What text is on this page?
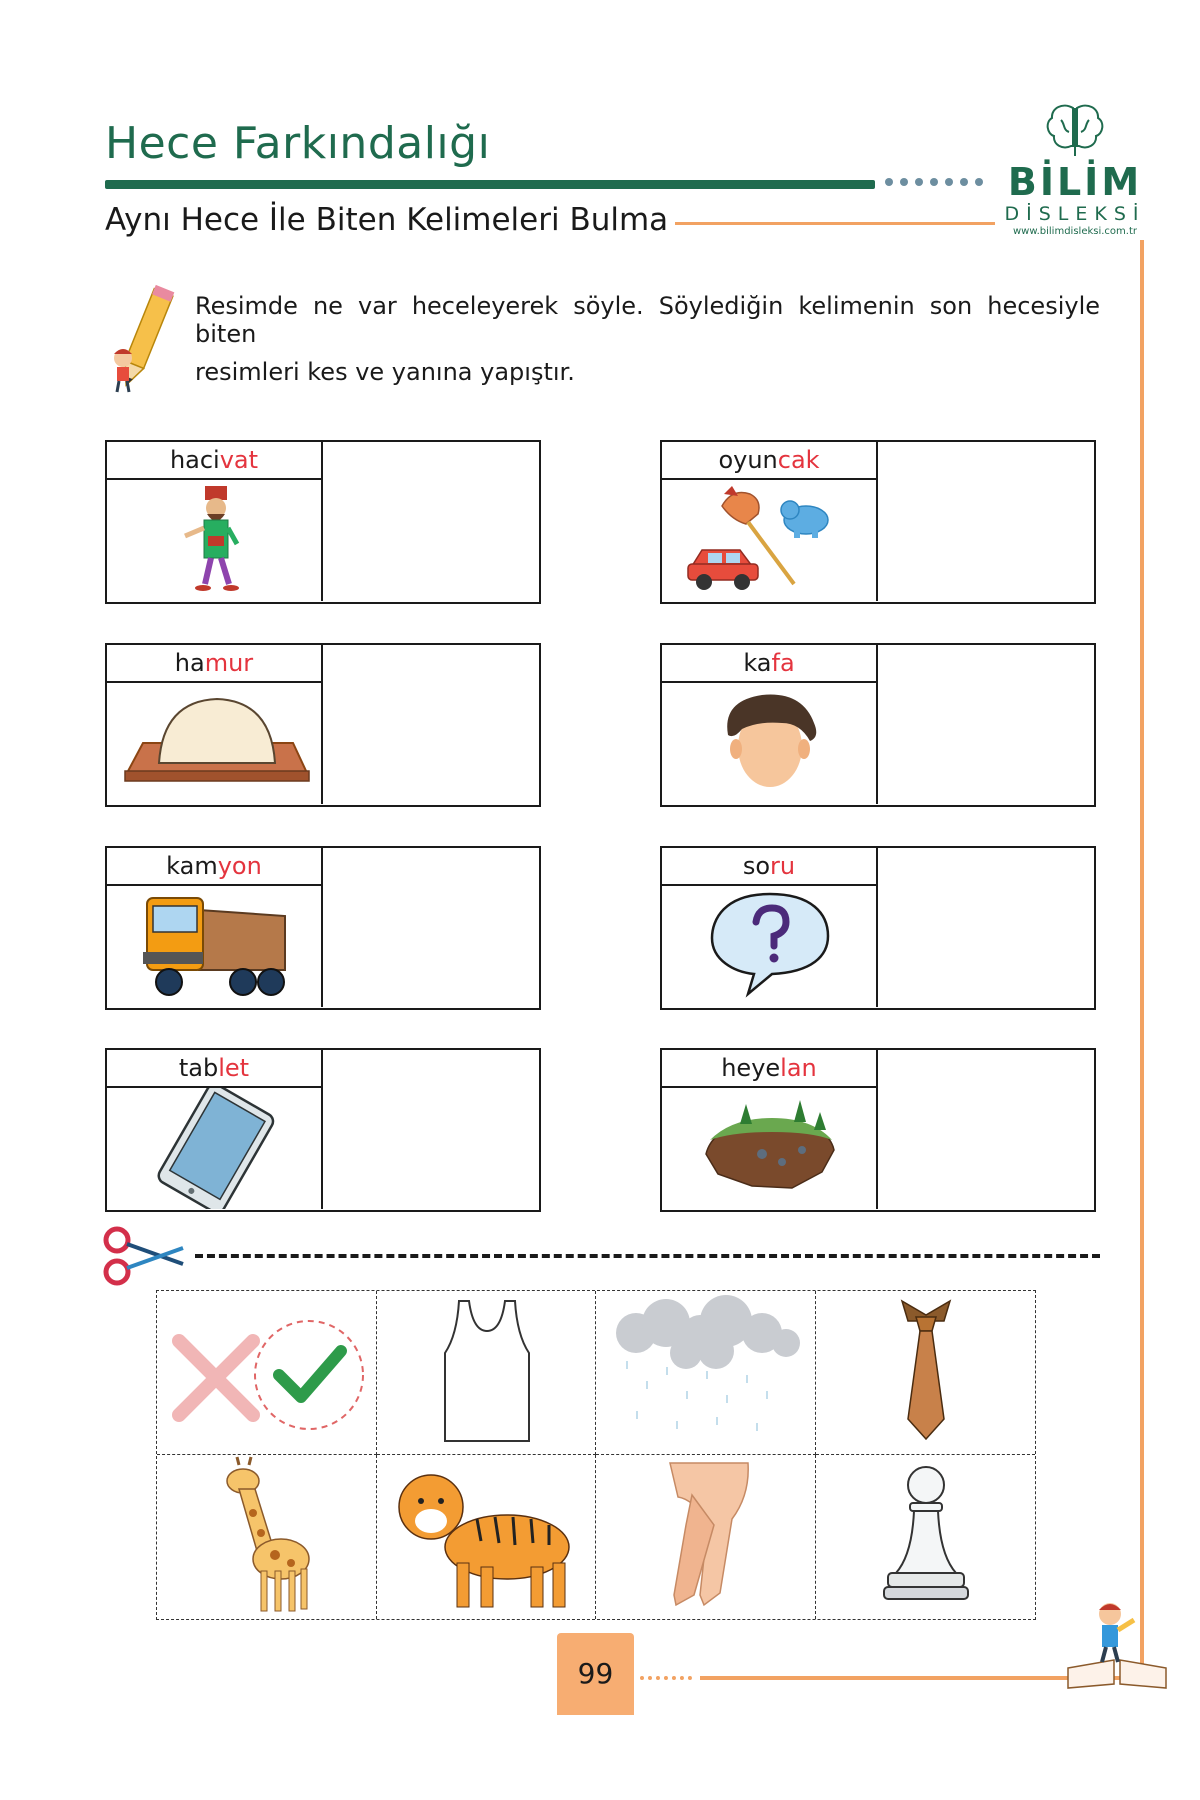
Hece Farkındalığı
Aynı Hece İle Biten Kelimeleri Bulma
BİLİM
DİSLEKSİ
www.bilimdisleksi.com.tr
Resimde ne var heceleyerek söyle. Söylediğin kelimenin son hecesiyle biten
resimleri kes ve yanına yapıştır.
hacivat	oyuncak
hamur	kafa
kamyon	soru
tablet	heyelan
99
